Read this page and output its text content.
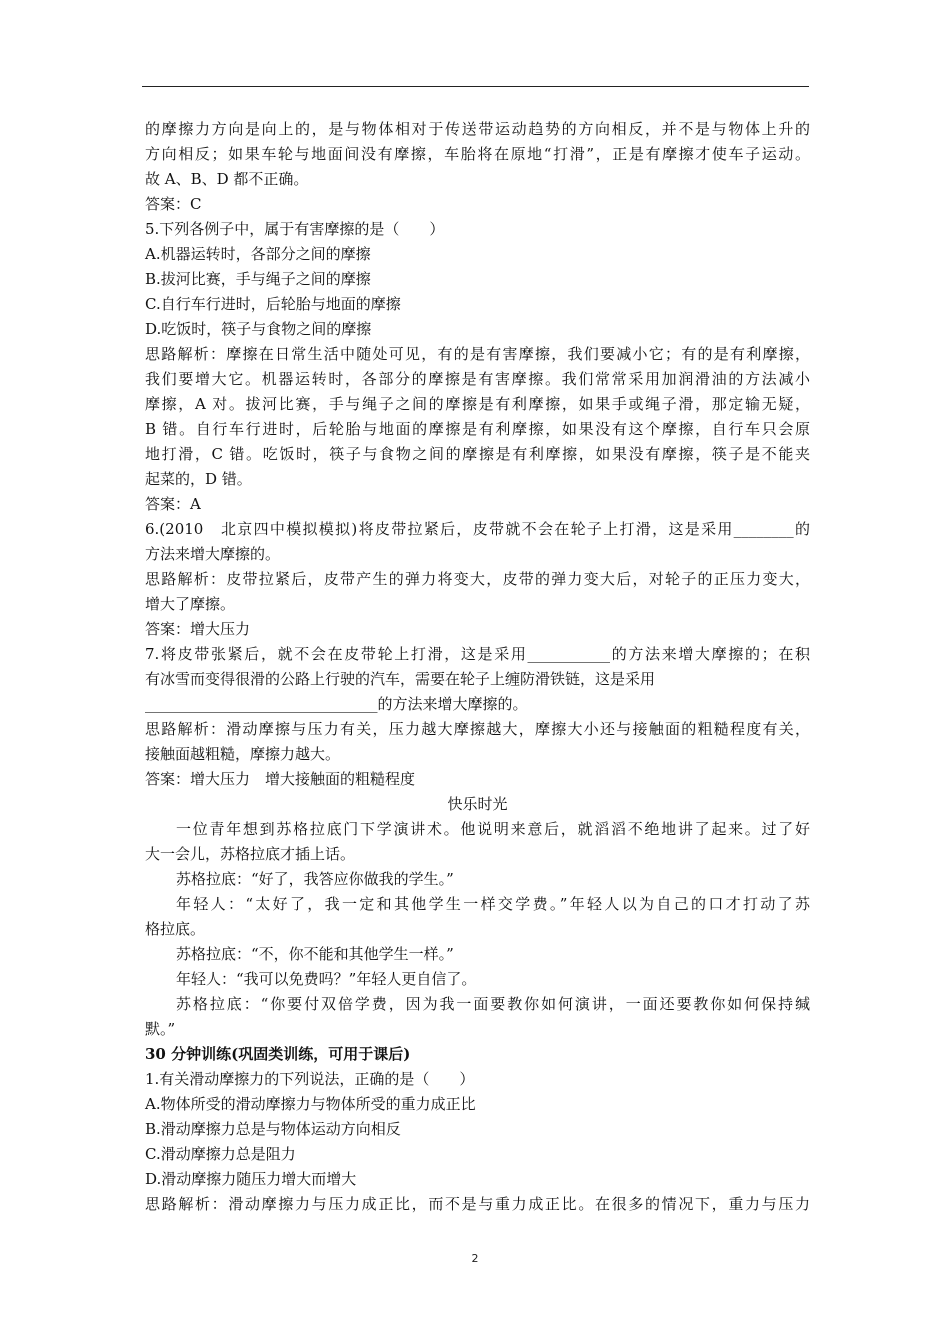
的摩擦力方向是向上的，是与物体相对于传送带运动趋势的方向相反，并不是与物体上升的
方向相反；如果车轮与地面间没有摩擦，车胎将在原地“打滑”，正是有摩擦才使车子运动。
故 A、B、D 都不正确。
答案：C
5.下列各例子中，属于有害摩擦的是（　　）
A.机器运转时，各部分之间的摩擦
B.拔河比赛，手与绳子之间的摩擦
C.自行车行进时，后轮胎与地面的摩擦
D.吃饭时，筷子与食物之间的摩擦
思路解析：摩擦在日常生活中随处可见，有的是有害摩擦，我们要减小它；有的是有利摩擦，
我们要增大它。机器运转时，各部分的摩擦是有害摩擦。我们常常采用加润滑油的方法减小
摩擦，A 对。拔河比赛，手与绳子之间的摩擦是有利摩擦，如果手或绳子滑，那定输无疑，
B 错。自行车行进时，后轮胎与地面的摩擦是有利摩擦，如果没有这个摩擦，自行车只会原
地打滑，C 错。吃饭时，筷子与食物之间的摩擦是有利摩擦，如果没有摩擦，筷子是不能夹
起菜的，D 错。
答案：A
6.(2010　北京四中模拟模拟)将皮带拉紧后，皮带就不会在轮子上打滑，这是采用________的
方法来增大摩擦的。
思路解析：皮带拉紧后，皮带产生的弹力将变大，皮带的弹力变大后，对轮子的正压力变大，
增大了摩擦。
答案：增大压力
7.将皮带张紧后，就不会在皮带轮上打滑，这是采用___________的方法来增大摩擦的；在积
有冰雪而变得很滑的公路上行驶的汽车，需要在轮子上缠防滑铁链，这是采用
_______________________________的方法来增大摩擦的。
思路解析：滑动摩擦与压力有关，压力越大摩擦越大，摩擦大小还与接触面的粗糙程度有关，
接触面越粗糙，摩擦力越大。
答案：增大压力　增大接触面的粗糙程度
快乐时光
一位青年想到苏格拉底门下学演讲术。他说明来意后，就滔滔不绝地讲了起来。过了好
大一会儿，苏格拉底才插上话。
苏格拉底：“好了，我答应你做我的学生。”
年轻人：“太好了，我一定和其他学生一样交学费。”年轻人以为自己的口才打动了苏
格拉底。
苏格拉底：“不，你不能和其他学生一样。”
年轻人：“我可以免费吗？”年轻人更自信了。
苏格拉底：“你要付双倍学费，因为我一面要教你如何演讲，一面还要教你如何保持缄
默。”
30 分钟训练(巩固类训练，可用于课后)
1.有关滑动摩擦力的下列说法，正确的是（　　）
A.物体所受的滑动摩擦力与物体所受的重力成正比
B.滑动摩擦力总是与物体运动方向相反
C.滑动摩擦力总是阻力
D.滑动摩擦力随压力增大而增大
思路解析：滑动摩擦力与压力成正比，而不是与重力成正比。在很多的情况下，重力与压力
2
